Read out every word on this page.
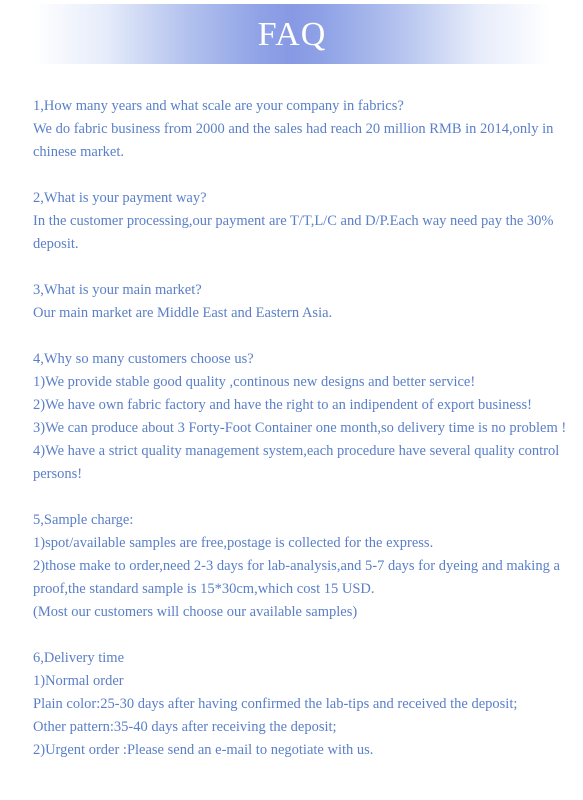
FAQ

1,How many years and what scale are your company in fabrics?

We do fabric business from 2000 and the sales had reach 20 million RMB in 2014,only in chinese market.

2,What is your payment way?

In the customer processing,our payment are T/T,L/C and D/P.Each way need pay the 30% deposit.

3,What is your main market?

Our main market are Middle East and Eastern Asia.

4,Why so many customers choose us?

1)We provide stable good quality ,continous new designs and better service!

2)We have own fabric factory and have the right to an indipendent of export business!

3)We can produce about 3 Forty-Foot Container one month,so delivery time is no problem !

4)We have a strict quality management system,each procedure have several quality control persons!

5,Sample charge:

1)spot/available samples are free,postage is collected for the express.

2)those make to order,need 2-3 days for lab-analysis,and 5-7 days for dyeing and making a proof,the standard sample is 15*30cm,which cost 15 USD.

(Most our customers will choose our available samples)

6,Delivery time

1)Normal order

Plain color:25-30 days after having confirmed the lab-tips and received the deposit;

Other pattern:35-40 days after receiving the deposit;

2)Urgent order :Please send an e-mail to negotiate with us.
